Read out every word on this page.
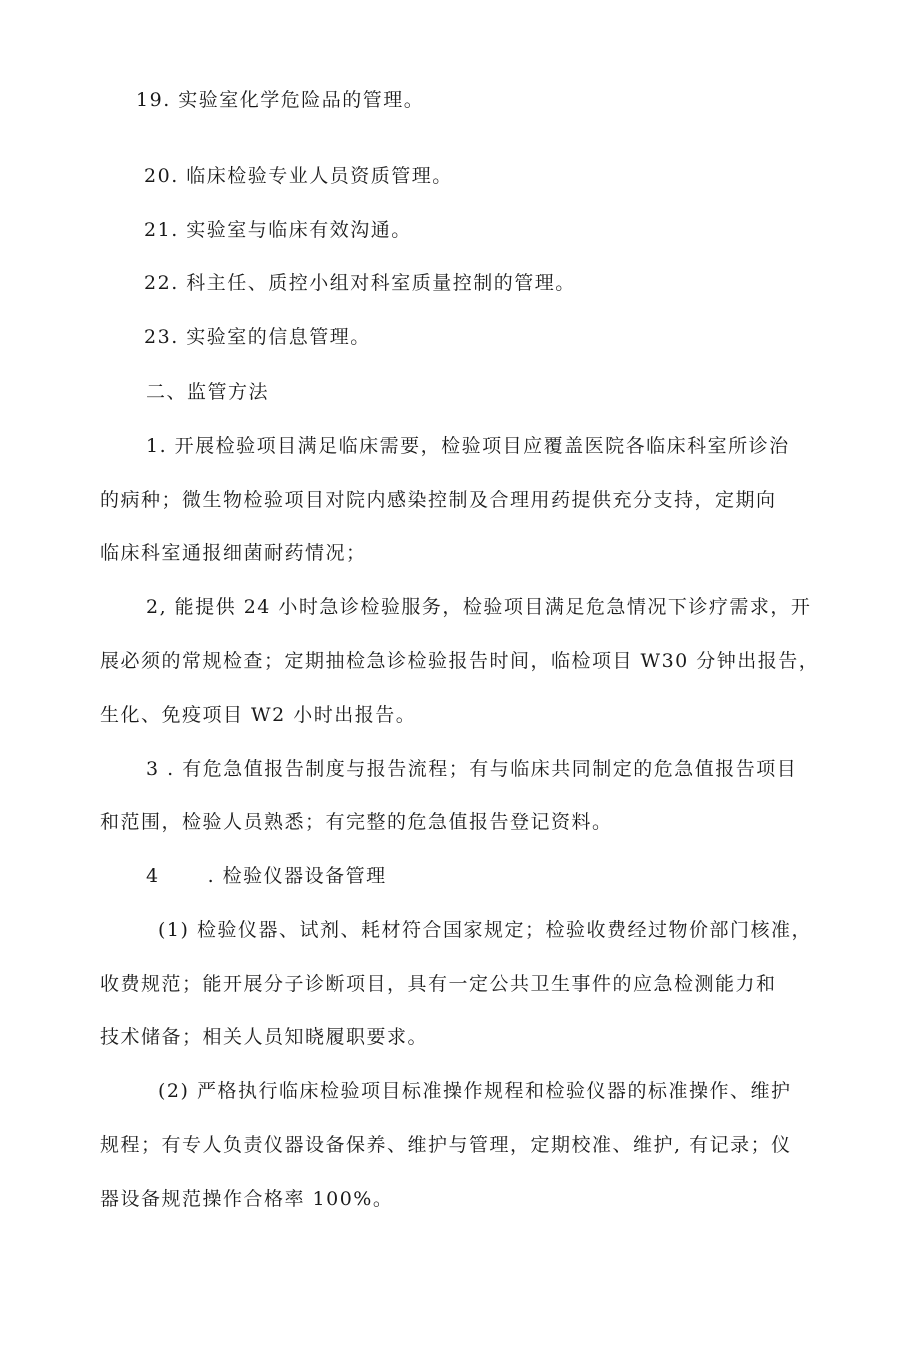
19. 实验室化学危险品的管理。
20. 临床检验专业人员资质管理。
21. 实验室与临床有效沟通。
22. 科主任、质控小组对科室质量控制的管理。
23. 实验室的信息管理。
二、监管方法
1. 开展检验项目满足临床需要，检验项目应覆盖医院各临床科室所诊治
的病种；微生物检验项目对院内感染控制及合理用药提供充分支持，定期向
临床科室通报细菌耐药情况；
2, 能提供 24 小时急诊检验服务，检验项目满足危急情况下诊疗需求，开
展必须的常规检查；定期抽检急诊检验报告时间，临检项目 W30 分钟出报告，
生化、免疫项目 W2 小时出报告。
3 . 有危急值报告制度与报告流程；有与临床共同制定的危急值报告项目
和范围，检验人员熟悉；有完整的危急值报告登记资料。
4	. 检验仪器设备管理
(1) 检验仪器、试剂、耗材符合国家规定；检验收费经过物价部门核准，
收费规范；能开展分子诊断项目，具有一定公共卫生事件的应急检测能力和
技术储备；相关人员知晓履职要求。
(2) 严格执行临床检验项目标准操作规程和检验仪器的标准操作、维护
规程；有专人负责仪器设备保养、维护与管理，定期校准、维护, 有记录；仪
器设备规范操作合格率 100%。
